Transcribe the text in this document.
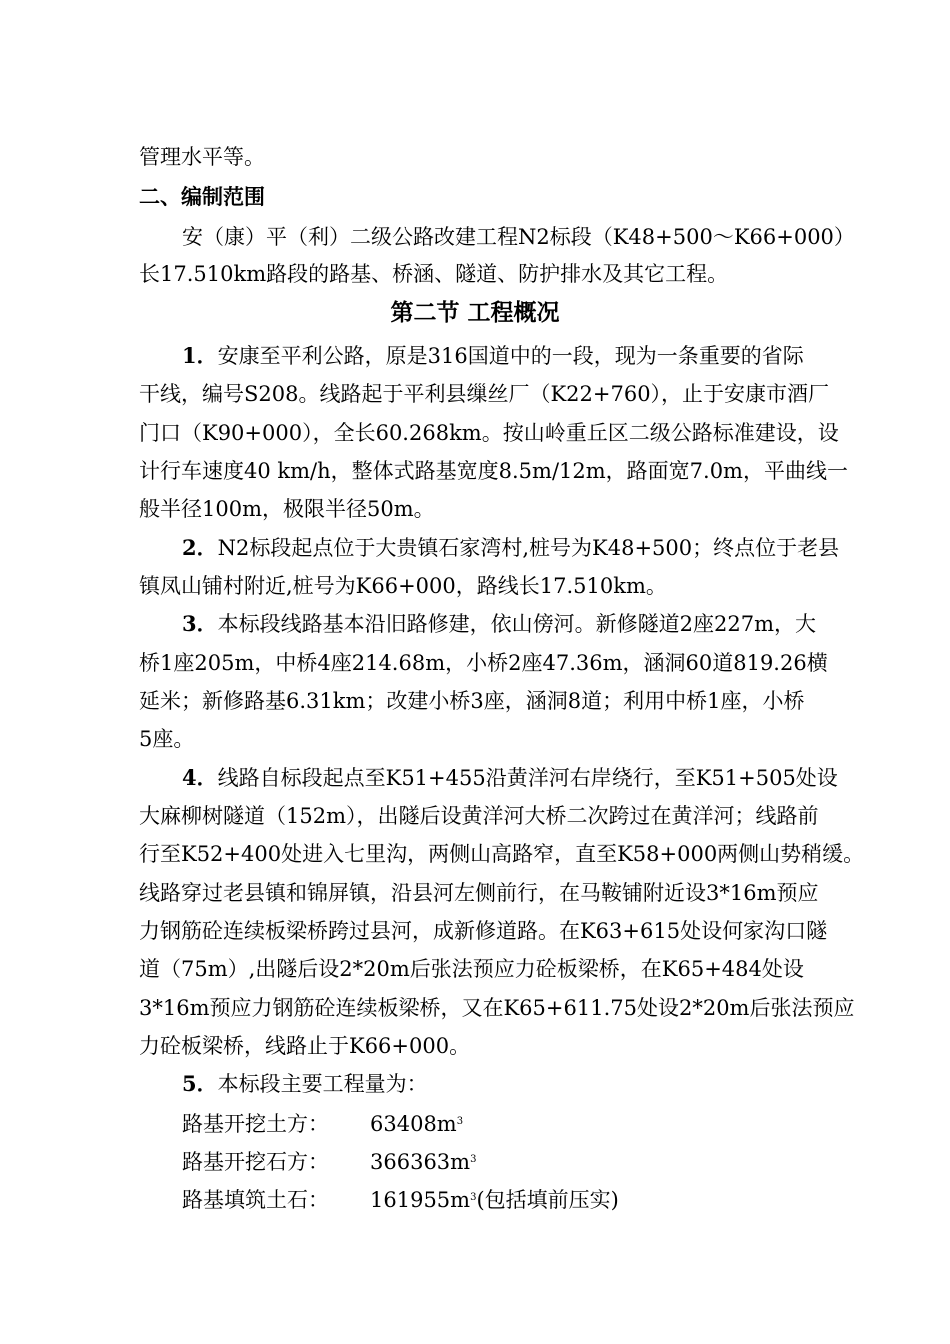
管理水平等。
二、编制范围
安（康）平（利）二级公路改建工程N2标段（K48+500～K66+000）
长17.510km路段的路基、桥涵、隧道、防护排水及其它工程。
第二节 工程概况
1．安康至平利公路，原是316国道中的一段，现为一条重要的省际
干线，编号S208。线路起于平利县缫丝厂（K22+760），止于安康市酒厂
门口（K90+000），全长60.268km。按山岭重丘区二级公路标准建设，设
计行车速度40 km/h，整体式路基宽度8.5m/12m，路面宽7.0m，平曲线一
般半径100m，极限半径50m。
2．N2标段起点位于大贵镇石家湾村,桩号为K48+500；终点位于老县
镇凤山铺村附近,桩号为K66+000，路线长17.510km。
3．本标段线路基本沿旧路修建，依山傍河。新修隧道2座227m，大
桥1座205m，中桥4座214.68m，小桥2座47.36m，涵洞60道819.26横
延米；新修路基6.31km；改建小桥3座，涵洞8道；利用中桥1座，小桥
5座。
4．线路自标段起点至K51+455沿黄洋河右岸绕行，至K51+505处设
大麻柳树隧道（152m），出隧后设黄洋河大桥二次跨过在黄洋河；线路前
行至K52+400处进入七里沟，两侧山高路窄，直至K58+000两侧山势稍缓。
线路穿过老县镇和锦屏镇，沿县河左侧前行，在马鞍铺附近设3*16m预应
力钢筋砼连续板梁桥跨过县河，成新修道路。在K63+615处设何家沟口隧
道（75m）,出隧后设2*20m后张法预应力砼板梁桥，在K65+484处设
3*16m预应力钢筋砼连续板梁桥，又在K65+611.75处设2*20m后张法预应
力砼板梁桥，线路止于K66+000。
5．本标段主要工程量为：
路基开挖土方： $63408m^3$
路基开挖石方： $366363m^3$
路基填筑土石： $161955m^3$(包括填前压实)
